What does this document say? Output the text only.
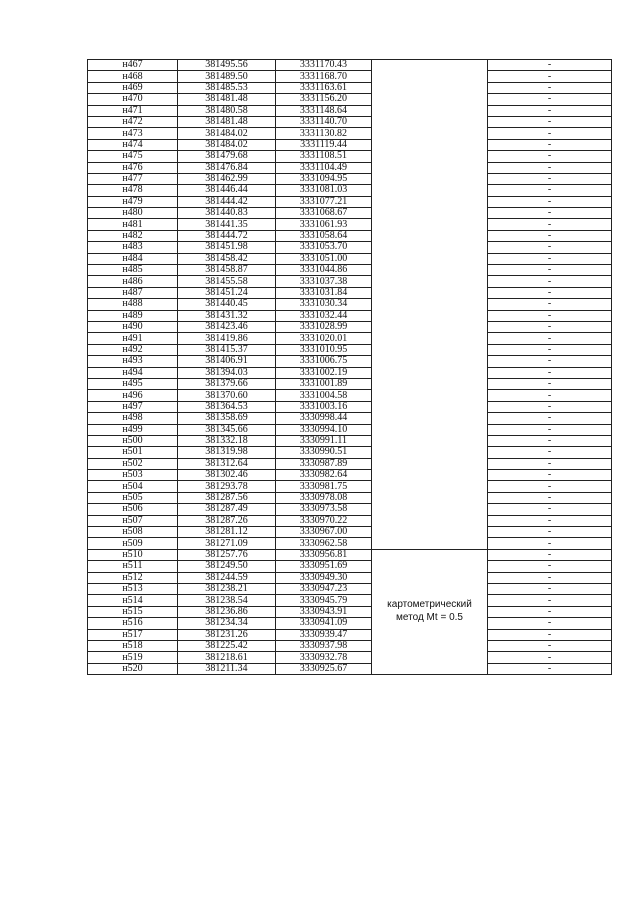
н467	381495.56	3331170.43		-
н468	381489.50	3331168.70		-
н469	381485.53	3331163.61		-
н470	381481.48	3331156.20		-
н471	381480.58	3331148.64		-
н472	381481.48	3331140.70		-
н473	381484.02	3331130.82		-
н474	381484.02	3331119.44		-
н475	381479.68	3331108.51		-
н476	381476.84	3331104.49		-
н477	381462.99	3331094.95		-
н478	381446.44	3331081.03		-
н479	381444.42	3331077.21		-
н480	381440.83	3331068.67		-
н481	381441.35	3331061.93		-
н482	381444.72	3331058.64		-
н483	381451.98	3331053.70		-
н484	381458.42	3331051.00		-
н485	381458.87	3331044.86		-
н486	381455.58	3331037.38		-
н487	381451.24	3331031.84		-
н488	381440.45	3331030.34		-
н489	381431.32	3331032.44		-
н490	381423.46	3331028.99		-
н491	381419.86	3331020.01		-
н492	381415.37	3331010.95		-
н493	381406.91	3331006.75		-
н494	381394.03	3331002.19		-
н495	381379.66	3331001.89		-
н496	381370.60	3331004.58		-
н497	381364.53	3331003.16		-
н498	381358.69	3330998.44		-
н499	381345.66	3330994.10		-
н500	381332.18	3330991.11		-
н501	381319.98	3330990.51		-
н502	381312.64	3330987.89		-
н503	381302.46	3330982.64		-
н504	381293.78	3330981.75		-
н505	381287.56	3330978.08		-
н506	381287.49	3330973.58		-
н507	381287.26	3330970.22		-
н508	381281.12	3330967.00		-
н509	381271.09	3330962.58		-
н510	381257.76	3330956.81	картометрический
метод Mt = 0.5	-
н511	381249.50	3330951.69		-
н512	381244.59	3330949.30		-
н513	381238.21	3330947.23		-
н514	381238.54	3330945.79		-
н515	381236.86	3330943.91		-
н516	381234.34	3330941.09		-
н517	381231.26	3330939.47		-
н518	381225.42	3330937.98		-
н519	381218.61	3330932.78		-
н520	381211.34	3330925.67		-
